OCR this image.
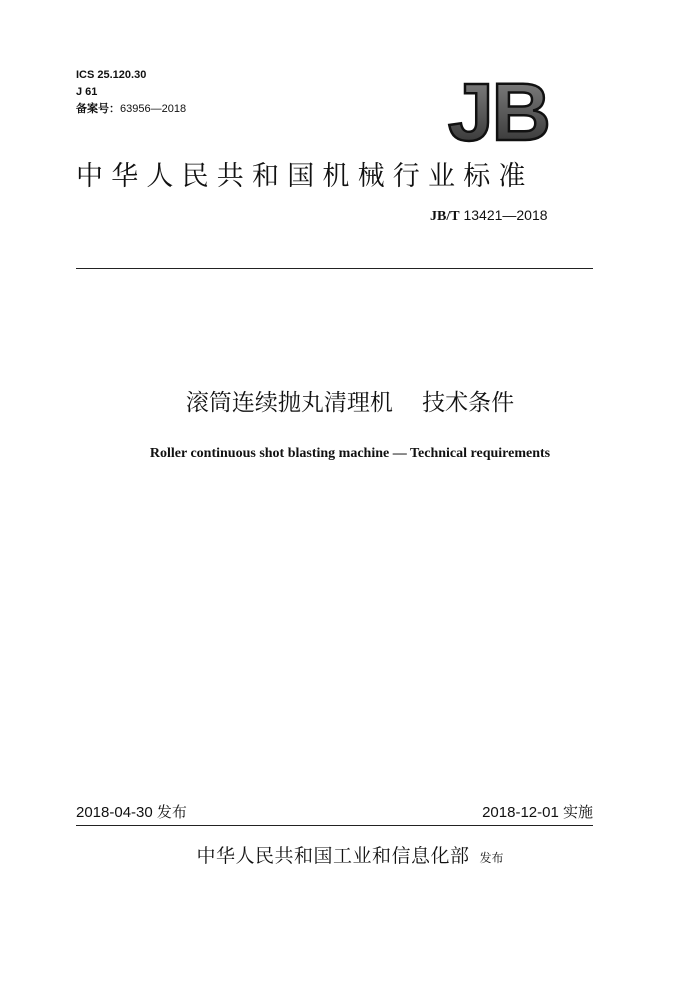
ICS 25.120.30
J 61
备案号：63956—2018	JB
中华人民共和国机械行业标准
JB/T 13421—2018
滚筒连续抛丸清理机    技术条件
Roller continuous shot blasting machine — Technical requirements
2018-04-30 发布	2018-12-01 实施
中华人民共和国工业和信息化部 发布
